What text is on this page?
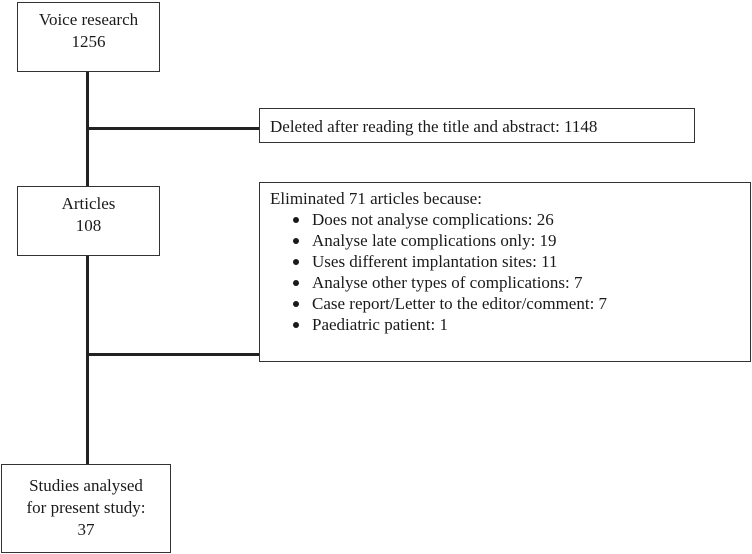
Voice research
1256
Deleted after reading the title and abstract: 1148
Articles
108
Eliminated 71 articles because:
Does not analyse complications: 26
Analyse late complications only: 19
Uses different implantation sites: 11
Analyse other types of complications: 7
Case report/Letter to the editor/comment: 7
Paediatric patient: 1
Studies analysed
for present study:
37
